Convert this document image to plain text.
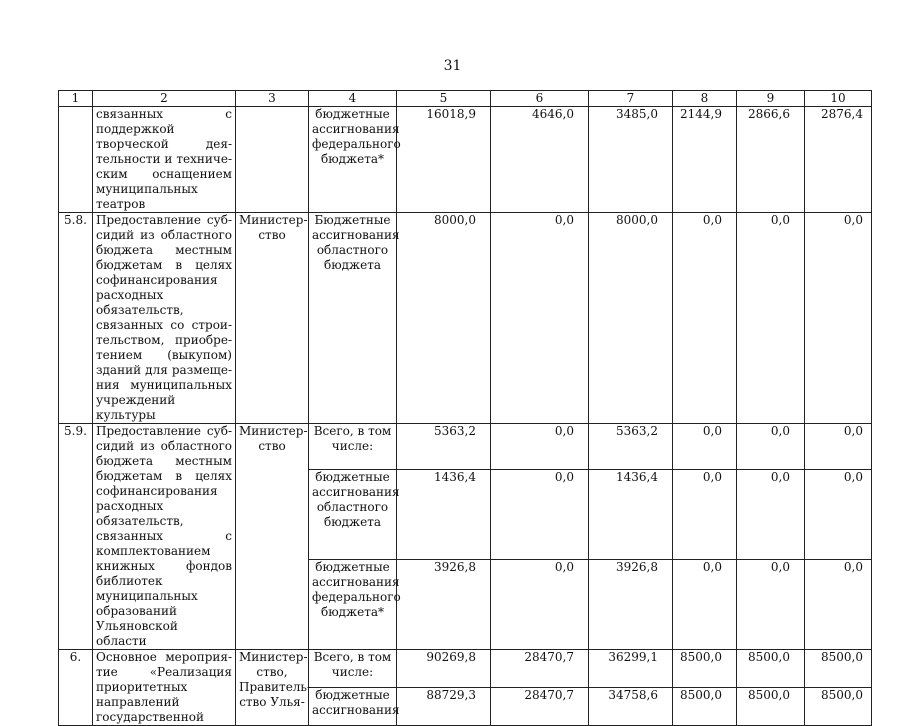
31
1	2	3	4	5	6	7	8	9	10
	связанных с поддержкой творческой деятельности и техническим оснащением муниципальных театров		бюджетные ассигнования федерального бюджета*	16018,9	4646,0	3485,0	2144,9	2866,6	2876,4
5.8.	Предоставление субсидий из областного бюджета местным бюджетам в целях софинансирования расходных обязательств, связанных со строительством, приобретением (выкупом) зданий для размещения муниципальных учреждений культуры	Министерство	Бюджетные ассигнования областного бюджета	8000,0	0,0	8000,0	0,0	0,0	0,0
5.9.	Предоставление субсидий из областного бюджета местным бюджетам в целях софинансирования расходных обязательств, связанных с комплектованием книжных фондов библиотек муниципальных образований Ульяновской области	Министерство	Всего, в том числе:	5363,2	0,0	5363,2	0,0	0,0	0,0
			бюджетные ассигнования областного бюджета	1436,4	0,0	1436,4	0,0	0,0	0,0
			бюджетные ассигнования федерального бюджета*	3926,8	0,0	3926,8	0,0	0,0	0,0
6.	Основное мероприятие «Реализация приоритетных направлений государственной	Министерство, Правительство Улья-	Всего, в том числе:	90269,8	28470,7	36299,1	8500,0	8500,0	8500,0
			бюджетные ассигнования	88729,3	28470,7	34758,6	8500,0	8500,0	8500,0
